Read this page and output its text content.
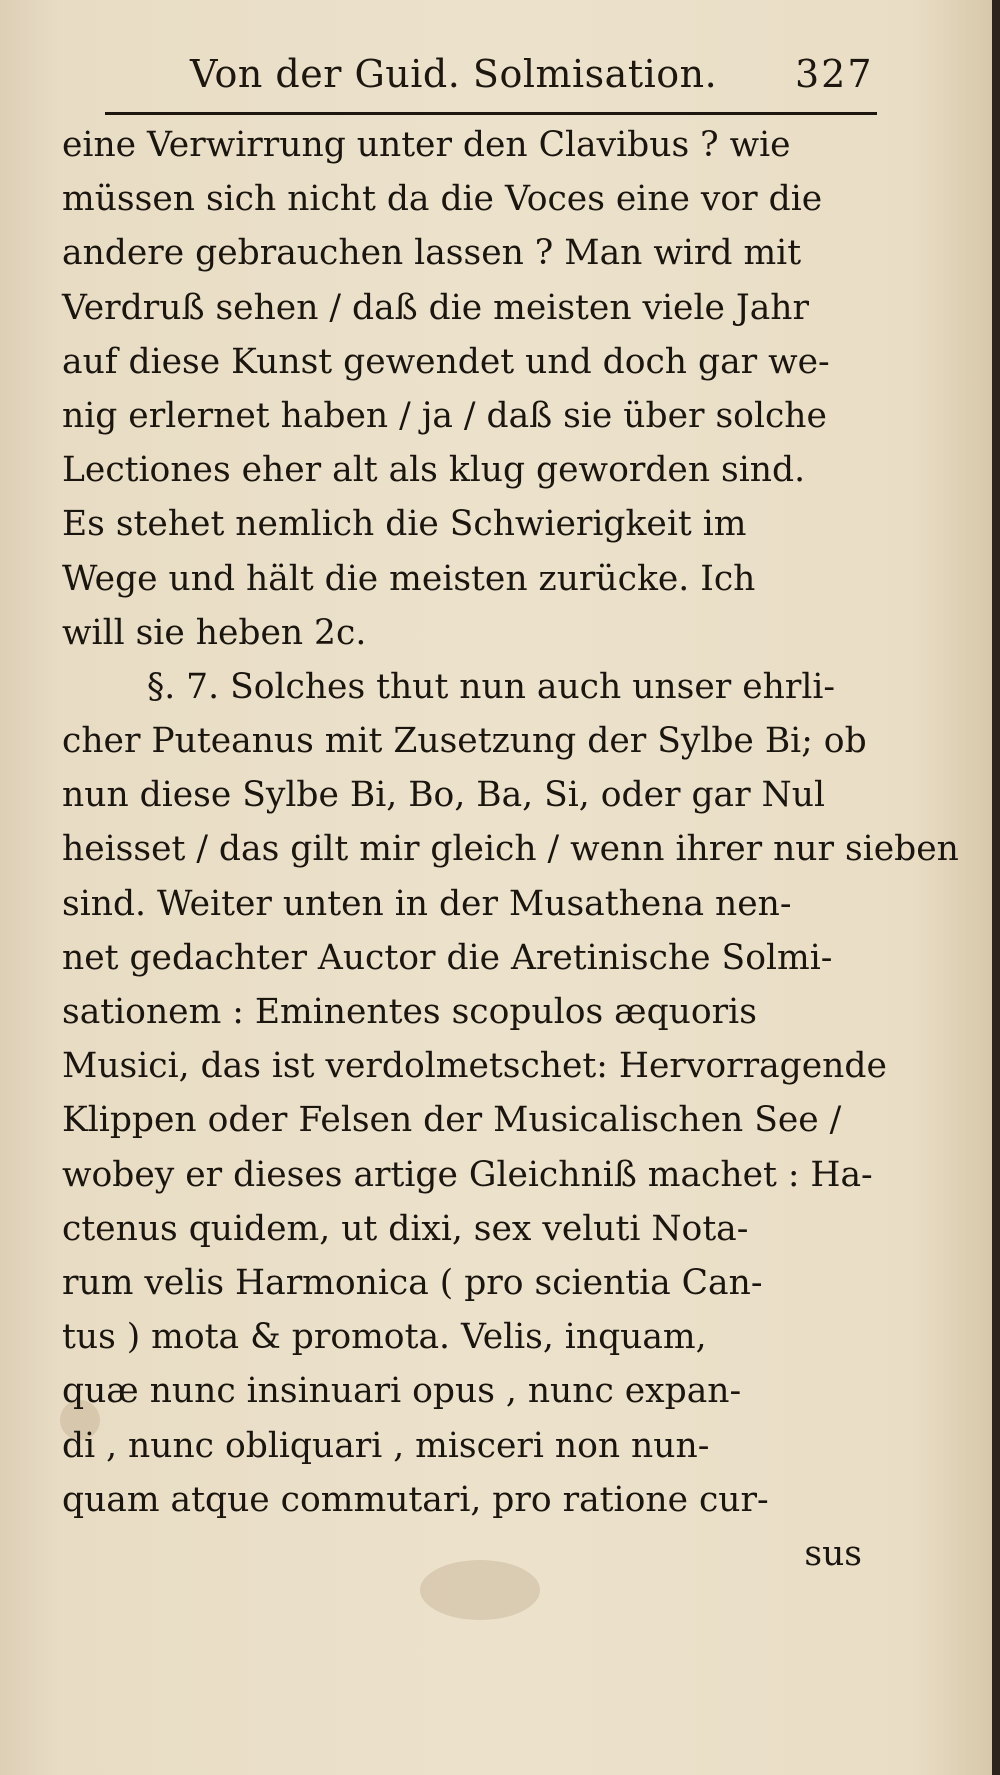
Von der Guid. Solmisation. 327
eine Verwirrung unter den Clavibus ? wie
müssen sich nicht da die Voces eine vor die
andere gebrauchen lassen ? Man wird mit
Verdruß sehen / daß die meisten viele Jahr
auf diese Kunst gewendet und doch gar we-
nig erlernet haben / ja / daß sie über solche
Lectiones eher alt als klug geworden sind.
Es stehet nemlich die Schwierigkeit im
Wege und hält die meisten zurücke. Ich
will sie heben 2c.
§. 7. Solches thut nun auch unser ehrli-
cher Puteanus mit Zusetzung der Sylbe Bi; ob
nun diese Sylbe Bi, Bo, Ba, Si, oder gar Nul
heisset / das gilt mir gleich / wenn ihrer nur sieben
sind. Weiter unten in der Musathena nen-
net gedachter Auctor die Aretinische Solmi-
sationem : Eminentes scopulos æquoris
Musici, das ist verdolmetschet: Hervorragende
Klippen oder Felsen der Musicalischen See /
wobey er dieses artige Gleichniß machet : Ha-
ctenus quidem, ut dixi, sex veluti Nota-
rum velis Harmonica ( pro scientia Can-
tus ) mota & promota. Velis, inquam,
quæ nunc insinuari opus , nunc expan-
di , nunc obliquari , misceri non nun-
quam atque commutari, pro ratione cur-
sus
